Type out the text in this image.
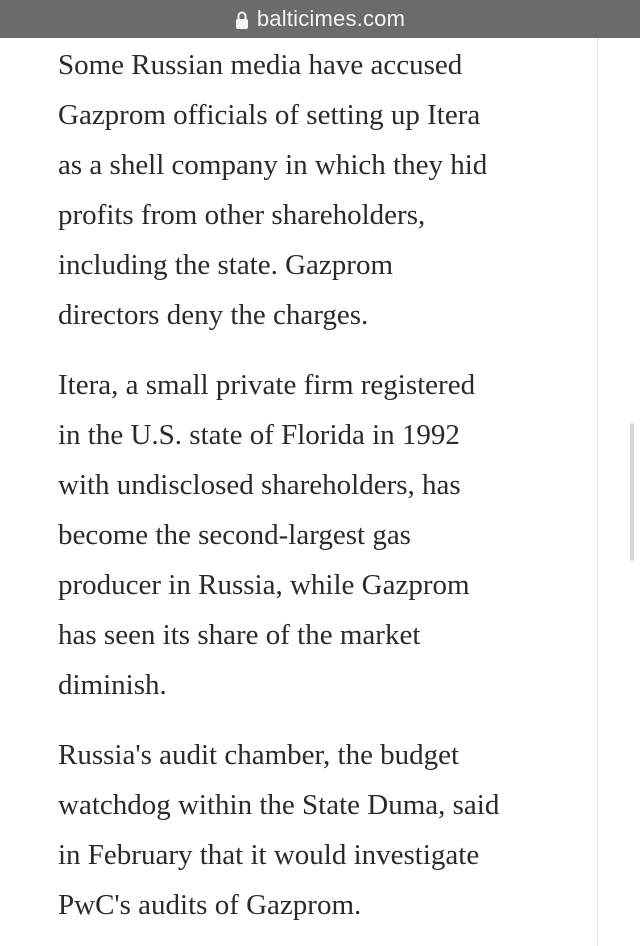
balticimes.com

Some Russian media have accused
Gazprom officials of setting up Itera
as a shell company in which they hid
profits from other shareholders,
including the state. Gazprom
directors deny the charges.

Itera, a small private firm registered
in the U.S. state of Florida in 1992
with undisclosed shareholders, has
become the second-largest gas
producer in Russia, while Gazprom
has seen its share of the market
diminish.

Russia's audit chamber, the budget
watchdog within the State Duma, said
in February that it would investigate
PwC's audits of Gazprom.
